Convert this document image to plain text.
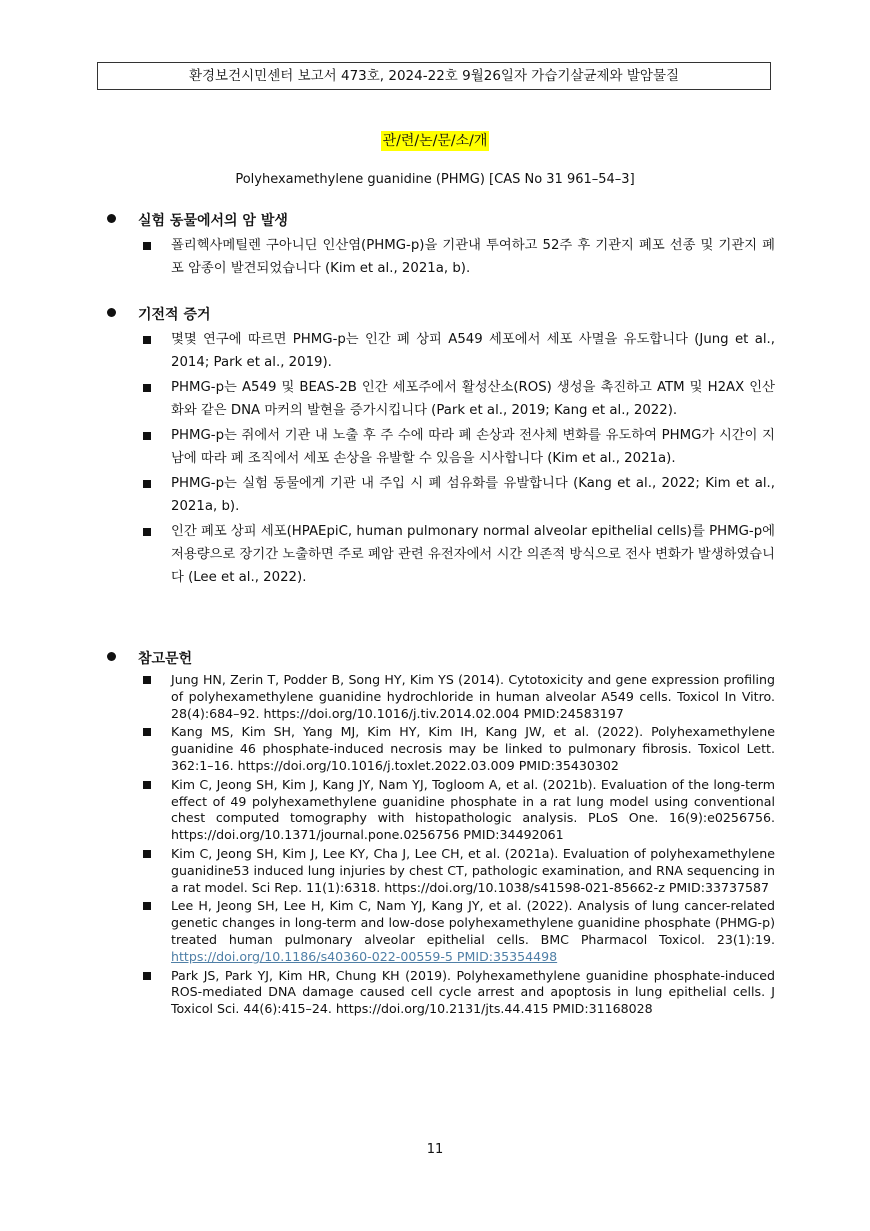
환경보건시민센터 보고서 473호, 2024-22호 9월26일자 가습기살균제와 발암물질
관/련/논/문/소/개
Polyhexamethylene guanidine (PHMG) [CAS No 31 961–54–3]
실험 동물에서의 암 발생
폴리헥사메틸렌 구아니딘 인산염(PHMG-p)을 기관내 투여하고 52주 후 기관지 폐포 선종 및 기관지 폐포 암종이 발견되었습니다 (Kim et al., 2021a, b).
기전적 증거
몇몇 연구에 따르면 PHMG-p는 인간 폐 상피 A549 세포에서 세포 사멸을 유도합니다 (Jung et al., 2014; Park et al., 2019).
PHMG-p는 A549 및 BEAS-2B 인간 세포주에서 활성산소(ROS) 생성을 촉진하고 ATM 및 H2AX 인산화와 같은 DNA 마커의 발현을 증가시킵니다 (Park et al., 2019; Kang et al., 2022).
PHMG-p는 쥐에서 기관 내 노출 후 주 수에 따라 폐 손상과 전사체 변화를 유도하여 PHMG가 시간이 지남에 따라 폐 조직에서 세포 손상을 유발할 수 있음을 시사합니다 (Kim et al., 2021a).
PHMG-p는 실험 동물에게 기관 내 주입 시 폐 섬유화를 유발합니다 (Kang et al., 2022; Kim et al., 2021a, b).
인간 폐포 상피 세포(HPAEpiC, human pulmonary normal alveolar epithelial cells)를 PHMG-p에 저용량으로 장기간 노출하면 주로 폐암 관련 유전자에서 시간 의존적 방식으로 전사 변화가 발생하였습니다 (Lee et al., 2022).
참고문헌
Jung HN, Zerin T, Podder B, Song HY, Kim YS (2014). Cytotoxicity and gene expression profiling of polyhexamethylene guanidine hydrochloride in human alveolar A549 cells. Toxicol In Vitro. 28(4):684–92. https://doi.org/10.1016/j.tiv.2014.02.004 PMID:24583197
Kang MS, Kim SH, Yang MJ, Kim HY, Kim IH, Kang JW, et al. (2022). Polyhexamethylene guanidine 46 phosphate-induced necrosis may be linked to pulmonary fibrosis. Toxicol Lett. 362:1–16. https://doi.org/10.1016/j.toxlet.2022.03.009 PMID:35430302
Kim C, Jeong SH, Kim J, Kang JY, Nam YJ, Togloom A, et al. (2021b). Evaluation of the long-term effect of 49 polyhexamethylene guanidine phosphate in a rat lung model using conventional chest computed tomography with histopathologic analysis. PLoS One. 16(9):e0256756. https://doi.org/10.1371/journal.pone.0256756 PMID:34492061
Kim C, Jeong SH, Kim J, Lee KY, Cha J, Lee CH, et al. (2021a). Evaluation of polyhexamethylene guanidine53 induced lung injuries by chest CT, pathologic examination, and RNA sequencing in a rat model. Sci Rep. 11(1):6318. https://doi.org/10.1038/s41598-021-85662-z PMID:33737587
Lee H, Jeong SH, Lee H, Kim C, Nam YJ, Kang JY, et al. (2022). Analysis of lung cancer-related genetic changes in long-term and low-dose polyhexamethylene guanidine phosphate (PHMG-p) treated human pulmonary alveolar epithelial cells. BMC Pharmacol Toxicol. 23(1):19. https://doi.org/10.1186/s40360-022-00559-5 PMID:35354498
Park JS, Park YJ, Kim HR, Chung KH (2019). Polyhexamethylene guanidine phosphate-induced ROS-mediated DNA damage caused cell cycle arrest and apoptosis in lung epithelial cells. J Toxicol Sci. 44(6):415–24. https://doi.org/10.2131/jts.44.415 PMID:31168028
11
